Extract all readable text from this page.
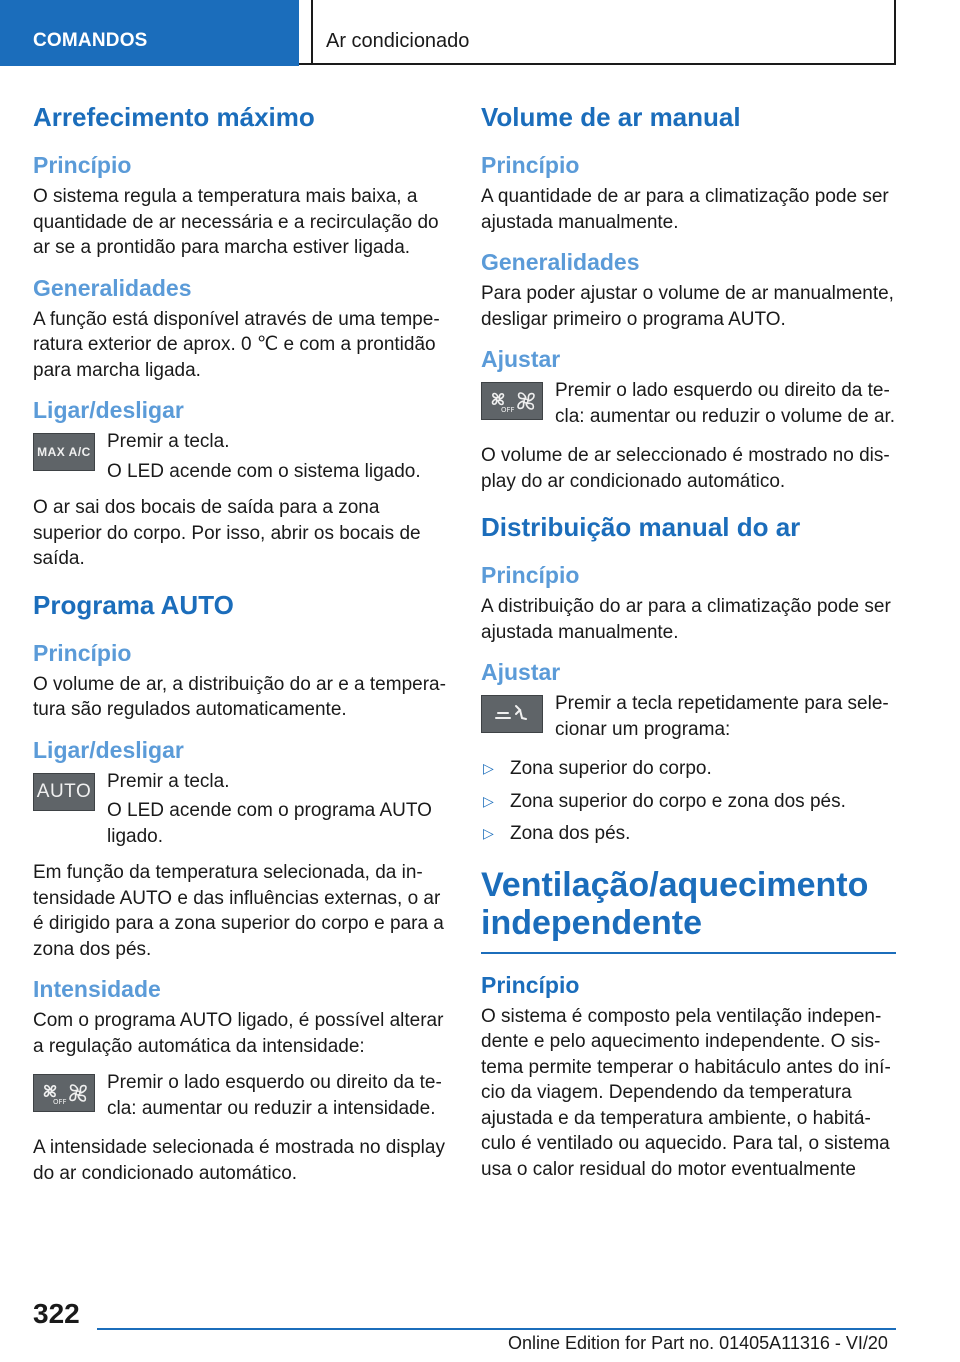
COMANDOS	Ar condicionado
Arrefecimento máximo
Princípio

O sistema regula a temperatura mais baixa, a quantidade de ar necessária e a recirculação do ar se a prontidão para marcha estiver ligada.

Generalidades

A função está disponível através de uma temperatura exterior de aprox. 0 ℃ e com a prontidão para marcha ligada.

Ligar/desligar
MAX A/C Premir a tecla.

O LED acende com o sistema ligado.

O ar sai dos bocais de saída para a zona superior do corpo. Por isso, abrir os bocais de saída.

Programa AUTO
Princípio

O volume de ar, a distribuição do ar e a temperatura são regulados automaticamente.

Ligar/desligar
AUTO Premir a tecla.

O LED acende com o programa AUTO ligado.

Em função da temperatura selecionada, da intensidade AUTO e das influências externas, o ar é dirigido para a zona superior do corpo e para a zona dos pés.

Intensidade

Com o programa AUTO ligado, é possível alterar a regulação automática da intensidade:

OFF

Premir o lado esquerdo ou direito da tecla: aumentar ou reduzir a intensidade.

A intensidade selecionada é mostrada no display do ar condicionado automático.

Volume de ar manual
Princípio

A quantidade de ar para a climatização pode ser ajustada manualmente.

Generalidades

Para poder ajustar o volume de ar manualmente, desligar primeiro o programa AUTO.

Ajustar
OFF

Premir o lado esquerdo ou direito da tecla: aumentar ou reduzir o volume de ar.

O volume de ar seleccionado é mostrado no display do ar condicionado automático.

Distribuição manual do ar
Princípio

A distribuição do ar para a climatização pode ser ajustada manualmente.

Ajustar

Premir a tecla repetidamente para selecionar um programa:

▷ Zona superior do corpo.
▷ Zona superior do corpo e zona dos pés.
▷ Zona dos pés.
Ventilação/aquecimento independente
Princípio

O sistema é composto pela ventilação independente e pelo aquecimento independente. O sistema permite temperar o habitáculo antes do início da viagem. Dependendo da temperatura ajustada e da temperatura ambiente, o habitáculo é ventilado ou aquecido. Para tal, o sistema usa o calor residual do motor eventualmente

322
Online Edition for Part no. 01405A11316 - VI/20
